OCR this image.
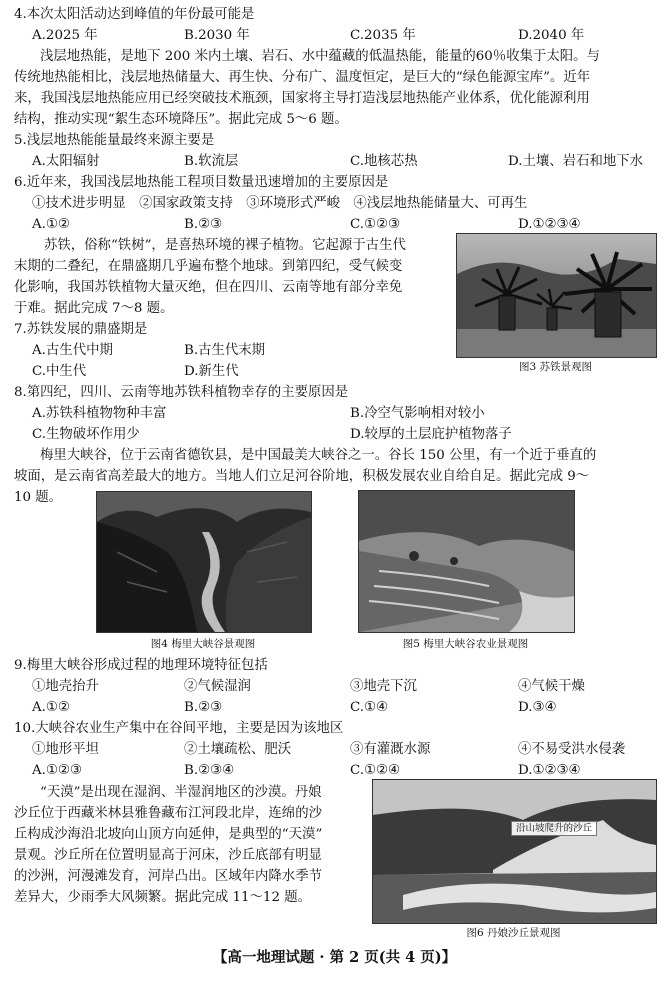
4.本次太阳活动达到峰值的年份最可能是
A.2025 年	B.2030 年	C.2035 年	D.2040 年
浅层地热能，是地下 200 米内土壤、岩石、水中蕴藏的低温热能，能量的60％收集于太阳。与
传统地热能相比，浅层地热储量大、再生快、分布广、温度恒定，是巨大的“绿色能源宝库”。近年
来，我国浅层地热能应用已经突破技术瓶颈，国家将主导打造浅层地热能产业体系，优化能源利用
结构，推动实现“絮生态环境降压”。据此完成 5～6 题。
5.浅层地热能能量最终来源主要是
A.太阳辐射	B.软流层	C.地核芯热	D.土壤、岩石和地下水
6.近年来，我国浅层地热能工程项目数量迅速增加的主要原因是
①技术进步明显　②国家政策支持　③环境形式严峻　④浅层地热能储量大、可再生
A.①②	B.②③	C.①②③	D.①②③④
苏铁，俗称“铁树”，是喜热环境的裸子植物。它起源于古生代
末期的二叠纪，在鼎盛期几乎遍布整个地球。到第四纪，受气候变
化影响，我国苏铁植物大量灭绝，但在四川、云南等地有部分幸免
于难。据此完成 7～8 题。
图3 苏铁景观图
7.苏铁发展的鼎盛期是
A.古生代中期	B.古生代末期
C.中生代	D.新生代
8.第四纪，四川、云南等地苏铁科植物幸存的主要原因是
A.苏铁科植物物种丰富	B.冷空气影响相对较小
C.生物破坏作用少	D.较厚的土层庇护植物落子
梅里大峡谷，位于云南省德钦县，是中国最美大峡谷之一。谷长 150 公里，有一个近于垂直的
坡面，是云南省高差最大的地方。当地人们立足河谷阶地，积极发展农业自给自足。据此完成 9～
10 题。
图4 梅里大峡谷景观图	图5 梅里大峡谷农业景观图
9.梅里大峡谷形成过程的地理环境特征包括
①地壳抬升	②气候湿润	③地壳下沉	④气候干燥
A.①②	B.②③	C.①④	D.③④
10.大峡谷农业生产集中在谷间平地，主要是因为该地区
①地形平坦	②土壤疏松、肥沃	③有灌溉水源	④不易受洪水侵袭
A.①②③	B.②③④	C.①②④	D.①②③④
“天漠”是出现在湿润、半湿润地区的沙漠。丹娘
沙丘位于西藏米林县雅鲁藏布江河段北岸，连绵的沙
丘构成沙海沿北坡向山顶方向延伸，是典型的“天漠”
景观。沙丘所在位置明显高于河床，沙丘底部有明显
的沙洲，河漫滩发育，河岸凸出。区域年内降水季节
差异大，少雨季大风频繁。据此完成 11～12 题。
沿山坡爬升的沙丘
图6 丹娘沙丘景观图
【高一地理试题 · 第 2 页(共 4 页)】
